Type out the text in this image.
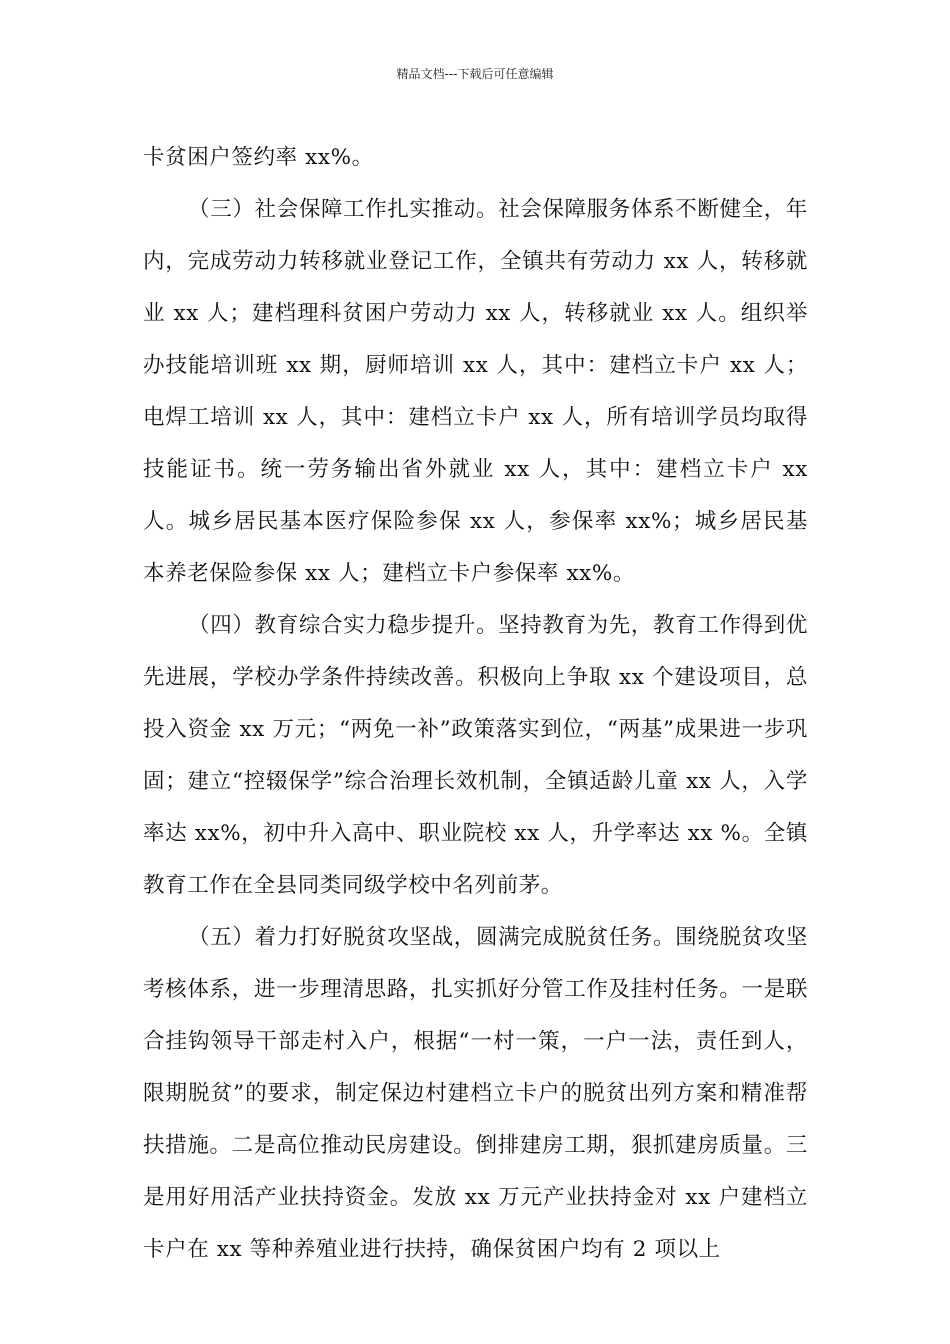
精品文档---下载后可任意编辑

卡贫困户签约率 xx%。

（三）社会保障工作扎实推动。社会保障服务体系不断健全，年内，完成劳动力转移就业登记工作，全镇共有劳动力 xx 人，转移就业 xx 人；建档理科贫困户劳动力 xx 人，转移就业 xx 人。组织举办技能培训班 xx 期，厨师培训 xx 人，其中：建档立卡户 xx 人；电焊工培训 xx 人，其中：建档立卡户 xx 人，所有培训学员均取得技能证书。统一劳务输出省外就业 xx 人，其中：建档立卡户 xx 人。城乡居民基本医疗保险参保 xx 人，参保率 xx%；城乡居民基本养老保险参保 xx 人；建档立卡户参保率 xx%。

（四）教育综合实力稳步提升。坚持教育为先，教育工作得到优先进展，学校办学条件持续改善。积极向上争取 xx 个建设项目，总投入资金 xx 万元；“两免一补”政策落实到位，“两基”成果进一步巩固；建立“控辍保学”综合治理长效机制，全镇适龄儿童 xx 人，入学率达 xx%，初中升入高中、职业院校 xx 人，升学率达 xx %。全镇教育工作在全县同类同级学校中名列前茅。

（五）着力打好脱贫攻坚战，圆满完成脱贫任务。围绕脱贫攻坚考核体系，进一步理清思路，扎实抓好分管工作及挂村任务。一是联合挂钩领导干部走村入户，根据“一村一策，一户一法，责任到人，限期脱贫”的要求，制定保边村建档立卡户的脱贫出列方案和精准帮扶措施。二是高位推动民房建设。倒排建房工期，狠抓建房质量。三是用好用活产业扶持资金。发放 xx 万元产业扶持金对 xx 户建档立卡户在 xx 等种养殖业进行扶持，确保贫困户均有 2 项以上
